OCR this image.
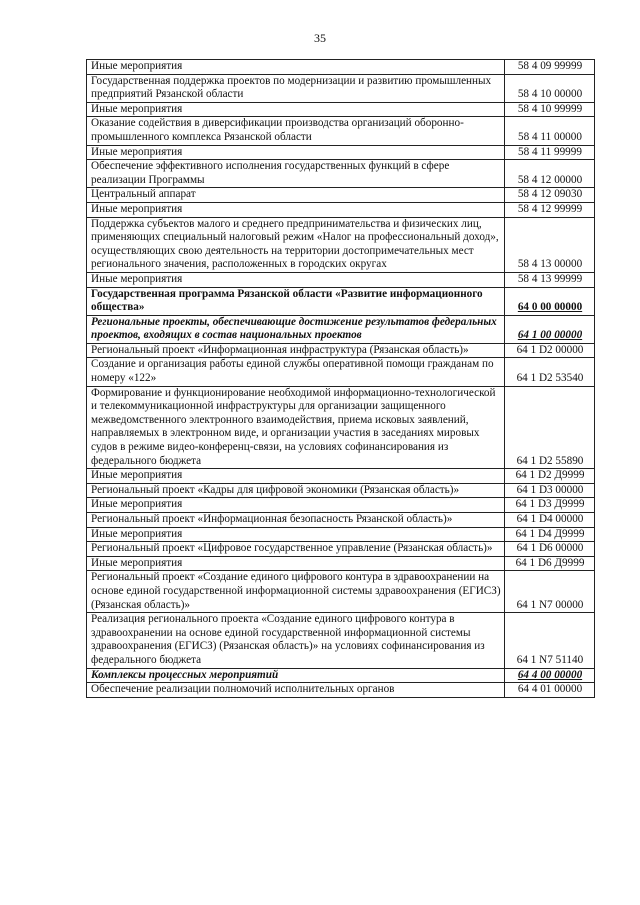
35
Иные мероприятия	58 4 09 99999
Государственная поддержка проектов по модернизации и развитию промышленных предприятий Рязанской области	58 4 10 00000
Иные мероприятия	58 4 10 99999
Оказание содействия в диверсификации производства организаций оборонно-промышленного комплекса Рязанской области	58 4 11 00000
Иные мероприятия	58 4 11 99999
Обеспечение эффективного исполнения государственных функций в сфере реализации Программы	58 4 12 00000
Центральный аппарат	58 4 12 09030
Иные мероприятия	58 4 12 99999
Поддержка субъектов малого и среднего предпринимательства и физических лиц, применяющих специальный налоговый режим «Налог на профессиональный доход», осуществляющих свою деятельность на территории достопримечательных мест регионального значения, расположенных в городских округах	58 4 13 00000
Иные мероприятия	58 4 13 99999
Государственная программа Рязанской области «Развитие информационного общества»	64 0 00 00000
Региональные проекты, обеспечивающие достижение результатов федеральных проектов, входящих в состав национальных проектов	64 1 00 00000
Региональный проект «Информационная инфраструктура (Рязанская область)»	64 1 D2 00000
Создание и организация работы единой службы оперативной помощи гражданам по номеру «122»	64 1 D2 53540
Формирование и функционирование необходимой информационно-технологической и телекоммуникационной инфраструктуры для организации защищенного межведомственного электронного взаимодействия, приема исковых заявлений, направляемых в электронном виде, и организации участия в заседаниях мировых судов в режиме видео-конференц-связи, на условиях софинансирования из федерального бюджета	64 1 D2 55890
Иные мероприятия	64 1 D2 Д9999
Региональный проект «Кадры для цифровой экономики (Рязанская область)»	64 1 D3 00000
Иные мероприятия	64 1 D3 Д9999
Региональный проект «Информационная безопасность Рязанской область)»	64 1 D4 00000
Иные мероприятия	64 1 D4 Д9999
Региональный проект «Цифровое государственное управление (Рязанская область)»	64 1 D6 00000
Иные мероприятия	64 1 D6 Д9999
Региональный проект «Создание единого цифрового контура в здравоохранении на основе единой государственной информационной системы здравоохранения (ЕГИСЗ) (Рязанская область)»	64 1 N7 00000
Реализация регионального проекта «Создание единого цифрового контура в здравоохранении на основе единой государственной информационной системы здравоохранения (ЕГИСЗ) (Рязанская область)» на условиях софинансирования из федерального бюджета	64 1 N7 51140
Комплексы процессных мероприятий	64 4 00 00000
Обеспечение реализации полномочий исполнительных органов	64 4 01 00000
